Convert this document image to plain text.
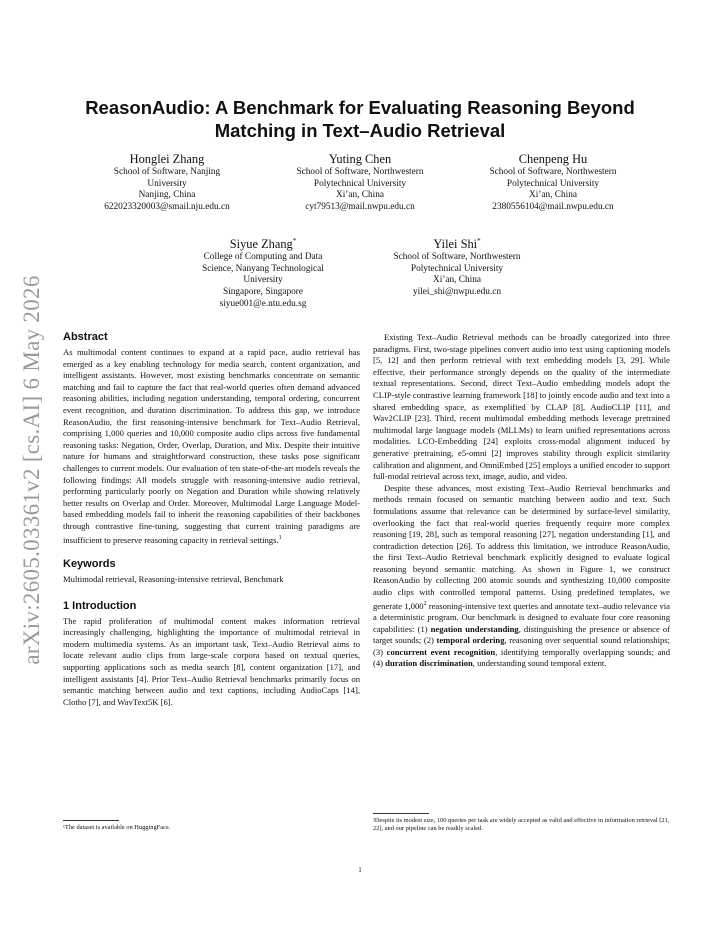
arXiv:2605.03361v2 [cs.AI] 6 May 2026
ReasonAudio: A Benchmark for Evaluating Reasoning Beyond
Matching in Text–Audio Retrieval
Honglei Zhang
School of Software, Nanjing
University
Nanjing, China
622023320003@smail.nju.edu.cn
Yuting Chen
School of Software, Northwestern
Polytechnical University
Xi’an, China
cyt79513@mail.nwpu.edu.cn
Chenpeng Hu
School of Software, Northwestern
Polytechnical University
Xi’an, China
2380556104@mail.nwpu.edu.cn
Siyue Zhang*
College of Computing and Data
Science, Nanyang Technological
University
Singapore, Singapore
siyue001@e.ntu.edu.sg
Yilei Shi*
School of Software, Northwestern
Polytechnical University
Xi’an, China
yilei_shi@nwpu.edu.cn
Abstract

As multimodal content continues to expand at a rapid pace, audio retrieval has emerged as a key enabling technology for media search, content organization, and intelligent assistants. However, most existing benchmarks concentrate on semantic matching and fail to capture the fact that real-world queries often demand advanced reasoning abilities, including negation understanding, temporal ordering, concurrent event recognition, and duration discrimination. To address this gap, we introduce ReasonAudio, the first reasoning-intensive benchmark for Text–Audio Retrieval, comprising 1,000 queries and 10,000 composite audio clips across five fundamental reasoning tasks: Negation, Order, Overlap, Duration, and Mix. Despite their intuitive nature for humans and straightforward construction, these tasks pose significant challenges to current models. Our evaluation of ten state-of-the-art models reveals the following findings: All models struggle with reasoning-intensive audio retrieval, performing particularly poorly on Negation and Duration while showing relatively better results on Overlap and Order. Moreover, Multimodal Large Language Model-based embedding models fail to inherit the reasoning capabilities of their backbones through contrastive fine-tuning, suggesting that current training paradigms are insufficient to preserve reasoning capacity in retrieval settings.$^1$

Keywords

Multimodal retrieval, Reasoning-intensive retrieval, Benchmark

1 Introduction

The rapid proliferation of multimodal content makes information retrieval increasingly challenging, highlighting the importance of multimodal retrieval in modern multimedia systems. As an important task, Text–Audio Retrieval aims to locate relevant audio clips from large-scale corpora based on textual queries, supporting applications such as media search [8], content organization [17], and intelligent assistants [4]. Prior Text–Audio Retrieval benchmarks primarily focus on semantic matching between audio and text captions, including AudioCaps [14], Clotho [7], and WavText5K [6].

Existing Text–Audio Retrieval methods can be broadly categorized into three paradigms. First, two-stage pipelines convert audio into text using captioning models [5, 12] and then perform retrieval with text embedding models [3, 29]. While effective, their performance strongly depends on the quality of the intermediate textual representations. Second, direct Text–Audio embedding models adopt the CLIP-style contrastive learning framework [18] to jointly encode audio and text into a shared embedding space, as exemplified by CLAP [8], AudioCLIP [11], and Wav2CLIP [23]. Third, recent multimodal embedding methods leverage pretrained multimodal large language models (MLLMs) to learn unified representations across modalities. LCO-Embedding [24] exploits cross-modal alignment induced by generative pretraining, e5-omni [2] improves stability through explicit similarity calibration and alignment, and OmniEmbed [25] employs a unified encoder to support full-modal retrieval across text, image, audio, and video.

Despite these advances, most existing Text–Audio Retrieval benchmarks and methods remain focused on semantic matching between audio and text. Such formulations assume that relevance can be determined by surface-level similarity, overlooking the fact that real-world queries frequently require more complex reasoning [19, 28], such as temporal reasoning [27], negation understanding [1], and contradiction detection [26]. To address this limitation, we introduce ReasonAudio, the first Text–Audio Retrieval benchmark explicitly designed to evaluate logical reasoning beyond semantic matching. As shown in Figure 1, we construct ReasonAudio by collecting 200 atomic sounds and synthesizing 10,000 composite audio clips with controlled temporal patterns. Using predefined templates, we generate 1,000$^2$ reasoning-intensive text queries and annotate text–audio relevance via a deterministic program. Our benchmark is designed to evaluate four core reasoning capabilities: (1) negation understanding, distinguishing the presence or absence of target sounds; (2) temporal ordering, reasoning over sequential sound relationships; (3) concurrent event recognition, identifying temporally overlapping sounds; and (4) duration discrimination, understanding sound temporal extent.

¹The dataset is available on HuggingFace.
²Despite its modest size, 100 queries per task are widely accepted as valid and effective in information retrieval [21, 22], and our pipeline can be readily scaled.
1
